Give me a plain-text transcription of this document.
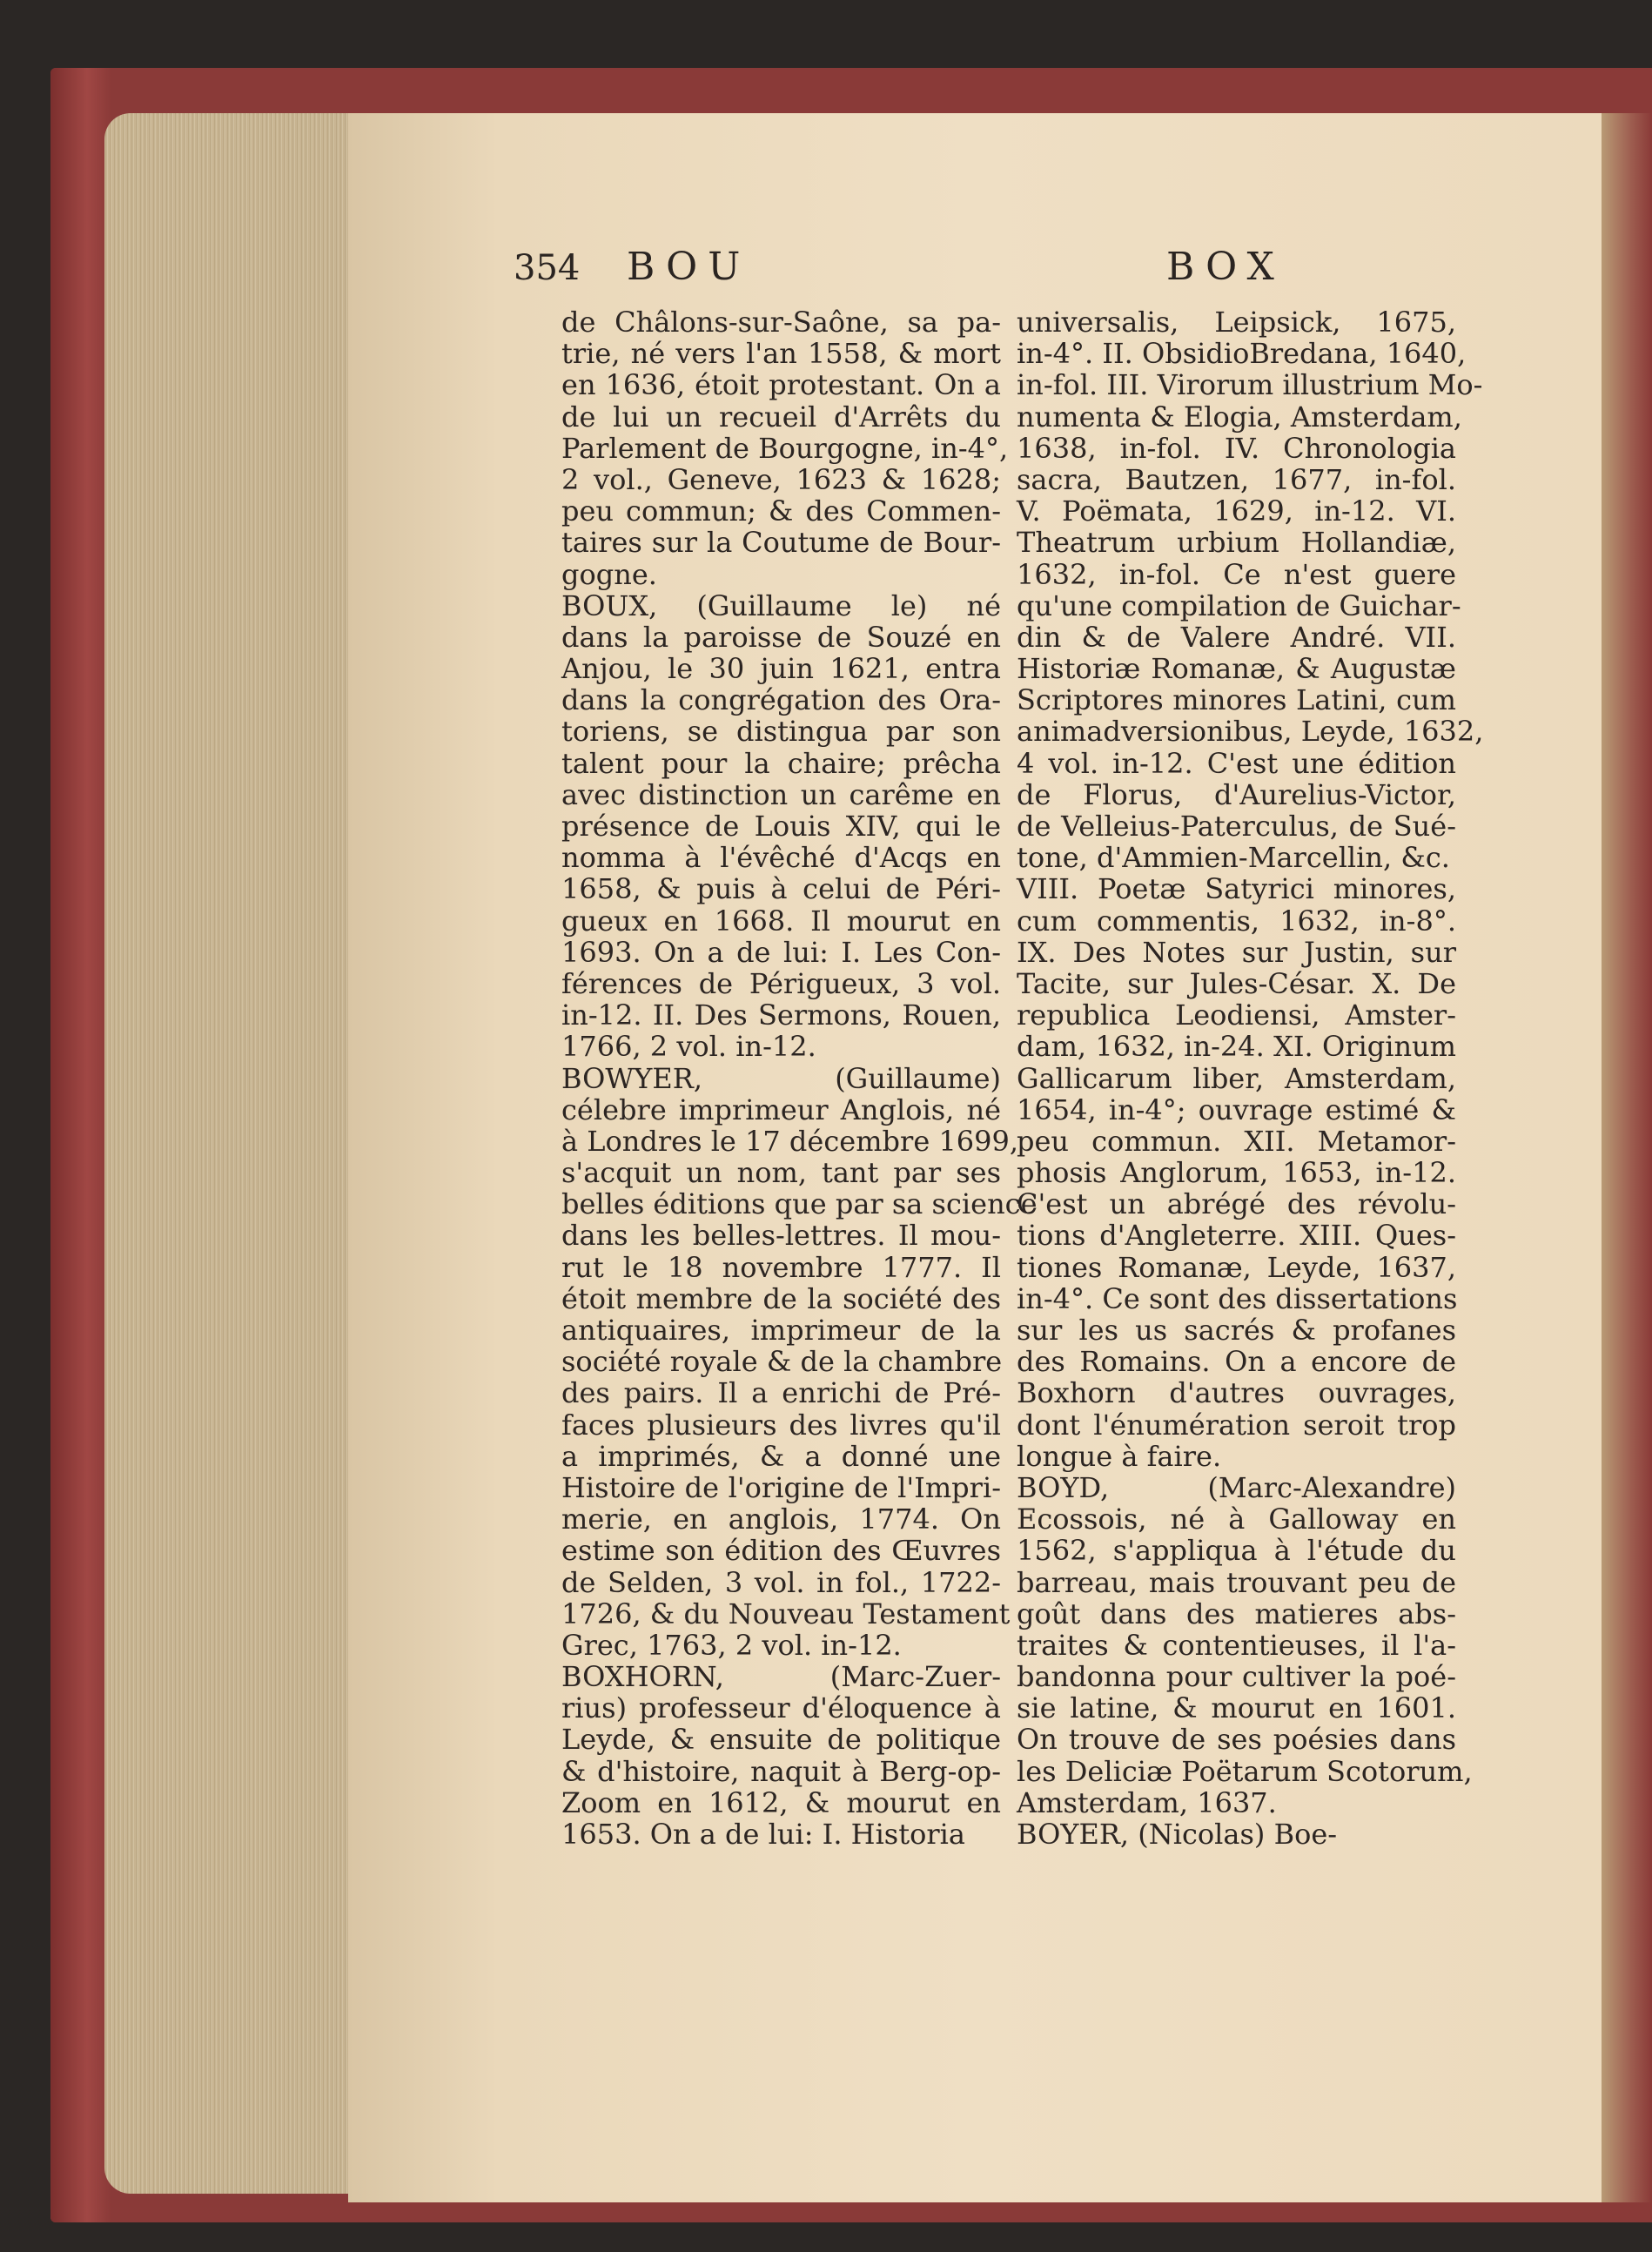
354 BOU	BOX
de Châlons-sur-Saône, sa pa-
trie, né vers l'an 1558, & mort
en 1636, étoit protestant. On a
de lui un recueil d'Arrêts du
Parlement de Bourgogne, in-4°,
2 vol., Geneve, 1623 & 1628;
peu commun; & des Commen-
taires sur la Coutume de Bour-
gogne.
BOUX, (Guillaume le) né
dans la paroisse de Souzé en
Anjou, le 30 juin 1621, entra
dans la congrégation des Ora-
toriens, se distingua par son
talent pour la chaire; prêcha
avec distinction un carême en
présence de Louis XIV, qui le
nomma à l'évêché d'Acqs en
1658, & puis à celui de Péri-
gueux en 1668. Il mourut en
1693. On a de lui: I. Les Con-
férences de Périgueux, 3 vol.
in-12. II. Des Sermons, Rouen,
1766, 2 vol. in-12.
BOWYER, (Guillaume)
célebre imprimeur Anglois, né
à Londres le 17 décembre 1699,
s'acquit un nom, tant par ses
belles éditions que par sa science
dans les belles-lettres. Il mou-
rut le 18 novembre 1777. Il
étoit membre de la société des
antiquaires, imprimeur de la
société royale & de la chambre
des pairs. Il a enrichi de Pré-
faces plusieurs des livres qu'il
a imprimés, & a donné une
Histoire de l'origine de l'Impri-
merie, en anglois, 1774. On
estime son édition des Œuvres
de Selden, 3 vol. in fol., 1722-
1726, & du Nouveau Testament
Grec, 1763, 2 vol. in-12.
BOXHORN, (Marc-Zuer-
rius) professeur d'éloquence à
Leyde, & ensuite de politique
& d'histoire, naquit à Berg-op-
Zoom en 1612, & mourut en
1653. On a de lui: I. Historia
universalis, Leipsick, 1675,
in-4°. II. ObsidioBredana, 1640,
in-fol. III. Virorum illustrium Mo-
numenta & Elogia, Amsterdam,
1638, in-fol. IV. Chronologia
sacra, Bautzen, 1677, in-fol.
V. Poëmata, 1629, in-12. VI.
Theatrum urbium Hollandiæ,
1632, in-fol. Ce n'est guere
qu'une compilation de Guichar-
din & de Valere André. VII.
Historiæ Romanæ, & Augustæ
Scriptores minores Latini, cum
animadversionibus, Leyde, 1632,
4 vol. in-12. C'est une édition
de Florus, d'Aurelius-Victor,
de Velleius-Paterculus, de Sué-
tone, d'Ammien-Marcellin, &c.
VIII. Poetæ Satyrici minores,
cum commentis, 1632, in-8°.
IX. Des Notes sur Justin, sur
Tacite, sur Jules-César. X. De
republica Leodiensi, Amster-
dam, 1632, in-24. XI. Originum
Gallicarum liber, Amsterdam,
1654, in-4°; ouvrage estimé &
peu commun. XII. Metamor-
phosis Anglorum, 1653, in-12.
C'est un abrégé des révolu-
tions d'Angleterre. XIII. Ques-
tiones Romanæ, Leyde, 1637,
in-4°. Ce sont des dissertations
sur les us sacrés & profanes
des Romains. On a encore de
Boxhorn d'autres ouvrages,
dont l'énumération seroit trop
longue à faire.
BOYD, (Marc-Alexandre)
Ecossois, né à Galloway en
1562, s'appliqua à l'étude du
barreau, mais trouvant peu de
goût dans des matieres abs-
traites & contentieuses, il l'a-
bandonna pour cultiver la poé-
sie latine, & mourut en 1601.
On trouve de ses poésies dans
les Deliciæ Poëtarum Scotorum,
Amsterdam, 1637.
BOYER, (Nicolas) Boe-
